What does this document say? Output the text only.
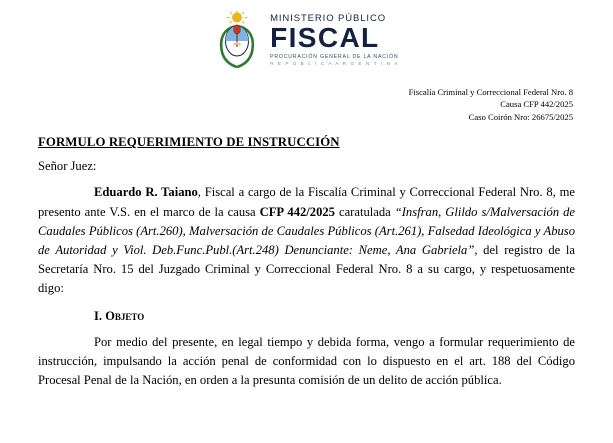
MINISTERIO PÚBLICO
FISCAL
PROCURACIÓN GENERAL DE LA NACIÓN
R E P Ú B L I C A A R G E N T I N A
Fiscalía Criminal y Correccional Federal Nro. 8
Causa CFP 442/2025
Caso Coirón Nro: 26675/2025
FORMULO REQUERIMIENTO DE INSTRUCCIÓN
Señor Juez:

Eduardo R. Taiano, Fiscal a cargo de la Fiscalía Criminal y Correccional Federal Nro. 8, me presento ante V.S. en el marco de la causa CFP 442/2025 caratulada “Insfran, Glildo s/Malversación de Caudales Públicos (Art.260), Malversación de Caudales Públicos (Art.261), Falsedad Ideológica y Abuso de Autoridad y Viol. Deb.Func.Publ.(Art.248) Denunciante: Neme, Ana Gabriela”, del registro de la Secretaría Nro. 15 del Juzgado Criminal y Correccional Federal Nro. 8 a su cargo, y respetuosamente digo:

I. Objeto

Por medio del presente, en legal tiempo y debida forma, vengo a formular requerimiento de instrucción, impulsando la acción penal de conformidad con lo dispuesto en el art. 188 del Código Procesal Penal de la Nación, en orden a la presunta comisión de un delito de acción pública.
